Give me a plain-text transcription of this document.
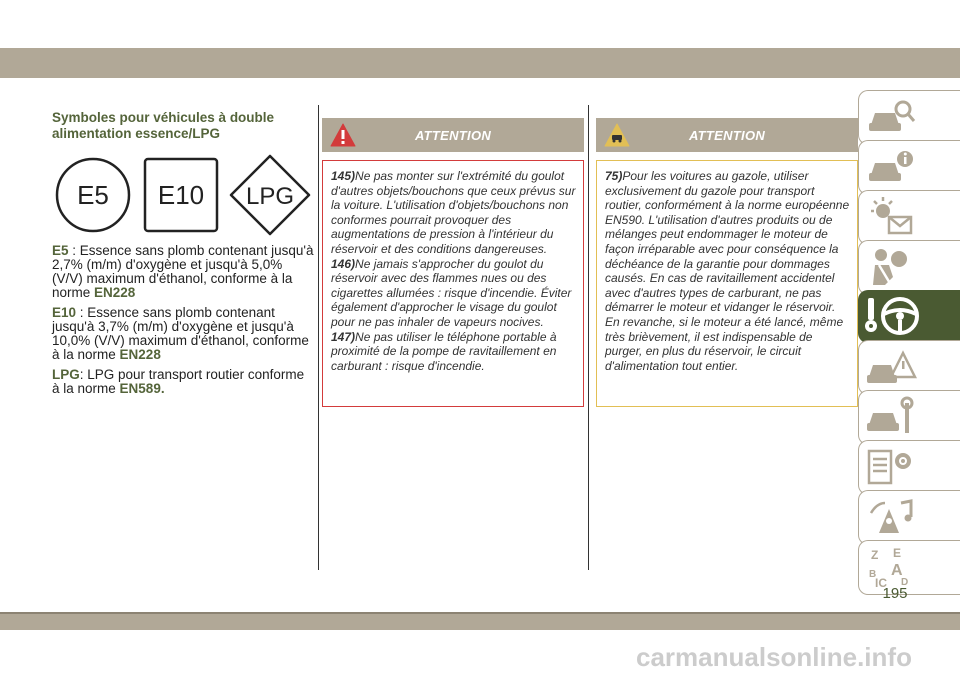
Symboles pour véhicules à double alimentation essence/LPG
E5 E10 LPG

E5 : Essence sans plomb contenant jusqu'à 2,7% (m/m) d'oxygène et jusqu'à 5,0% (V/V) maximum d'éthanol, conforme à la norme EN228

E10 : Essence sans plomb contenant jusqu'à 3,7% (m/m) d'oxygène et jusqu'à 10,0% (V/V) maximum d'éthanol, conforme à la norme EN228

LPG: LPG pour transport routier conforme à la norme EN589.

ATTENTION

145)Ne pas monter sur l'extrémité du goulot d'autres objets/bouchons que ceux prévus sur la voiture. L'utilisation d'objets/bouchons non conformes pourrait provoquer des augmentations de pression à l'intérieur du réservoir et des conditions dangereuses.

146)Ne jamais s'approcher du goulot du réservoir avec des flammes nues ou des cigarettes allumées : risque d'incendie. Éviter également d'approcher le visage du goulot pour ne pas inhaler de vapeurs nocives.

147)Ne pas utiliser le téléphone portable à proximité de la pompe de ravitaillement en carburant : risque d'incendie.

ATTENTION

75)Pour les voitures au gazole, utiliser exclusivement du gazole pour transport routier, conformément à la norme européenne EN590. L'utilisation d'autres produits ou de mélanges peut endommager le moteur de façon irréparable avec pour conséquence la déchéance de la garantie pour dommages causés. En cas de ravitaillement accidentel avec d'autres types de carburant, ne pas démarrer le moteur et vidanger le réservoir. En revanche, si le moteur a été lancé, même très brièvement, il est indispensable de purger, en plus du réservoir, le circuit d'alimentation tout entier.

Z E
B A
IC D
195
carmanualsonline.info
